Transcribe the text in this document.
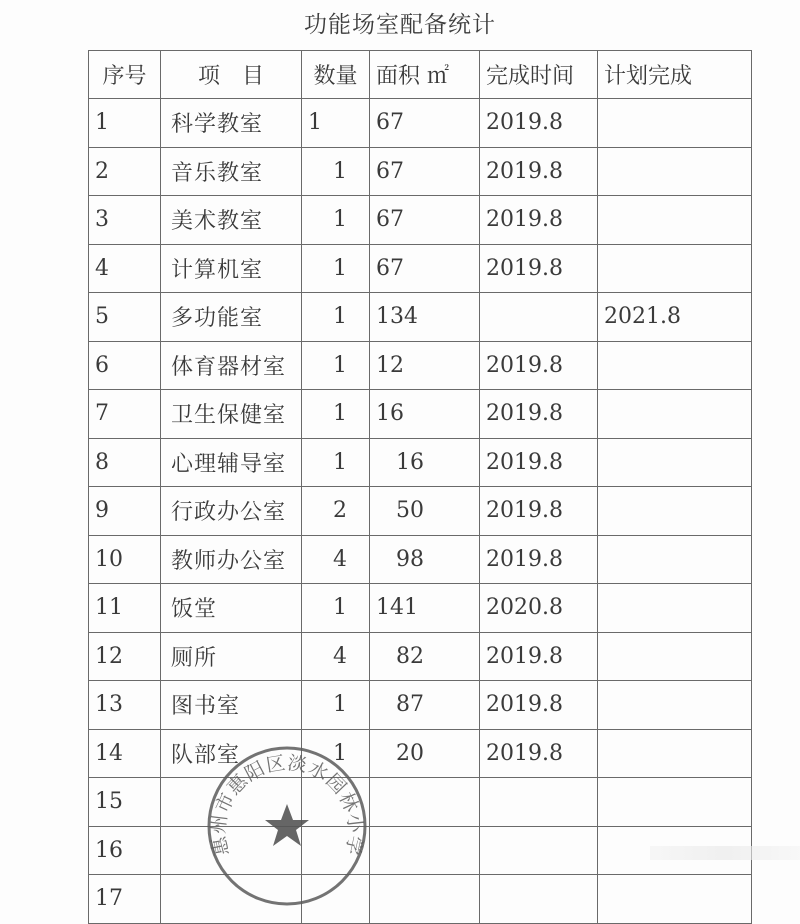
功能场室配备统计
序号	项　目	数量	面积 ㎡	完成时间	计划完成
1	科学教室	1	67	2019.8	
2	音乐教室	1	67	2019.8	
3	美术教室	1	67	2019.8	
4	计算机室	1	67	2019.8	
5	多功能室	1	134		2021.8
6	体育器材室	1	12	2019.8	
7	卫生保健室	1	16	2019.8	
8	心理辅导室	1	16	2019.8	
9	行政办公室	2	50	2019.8	
10	教师办公室	4	98	2019.8	
11	饭堂	1	141	2020.8	
12	厕所	4	82	2019.8	
13	图书室	1	87	2019.8	
14	队部室	1	20	2019.8	
15					
16					
17					
惠州市惠阳区淡水园林小学
